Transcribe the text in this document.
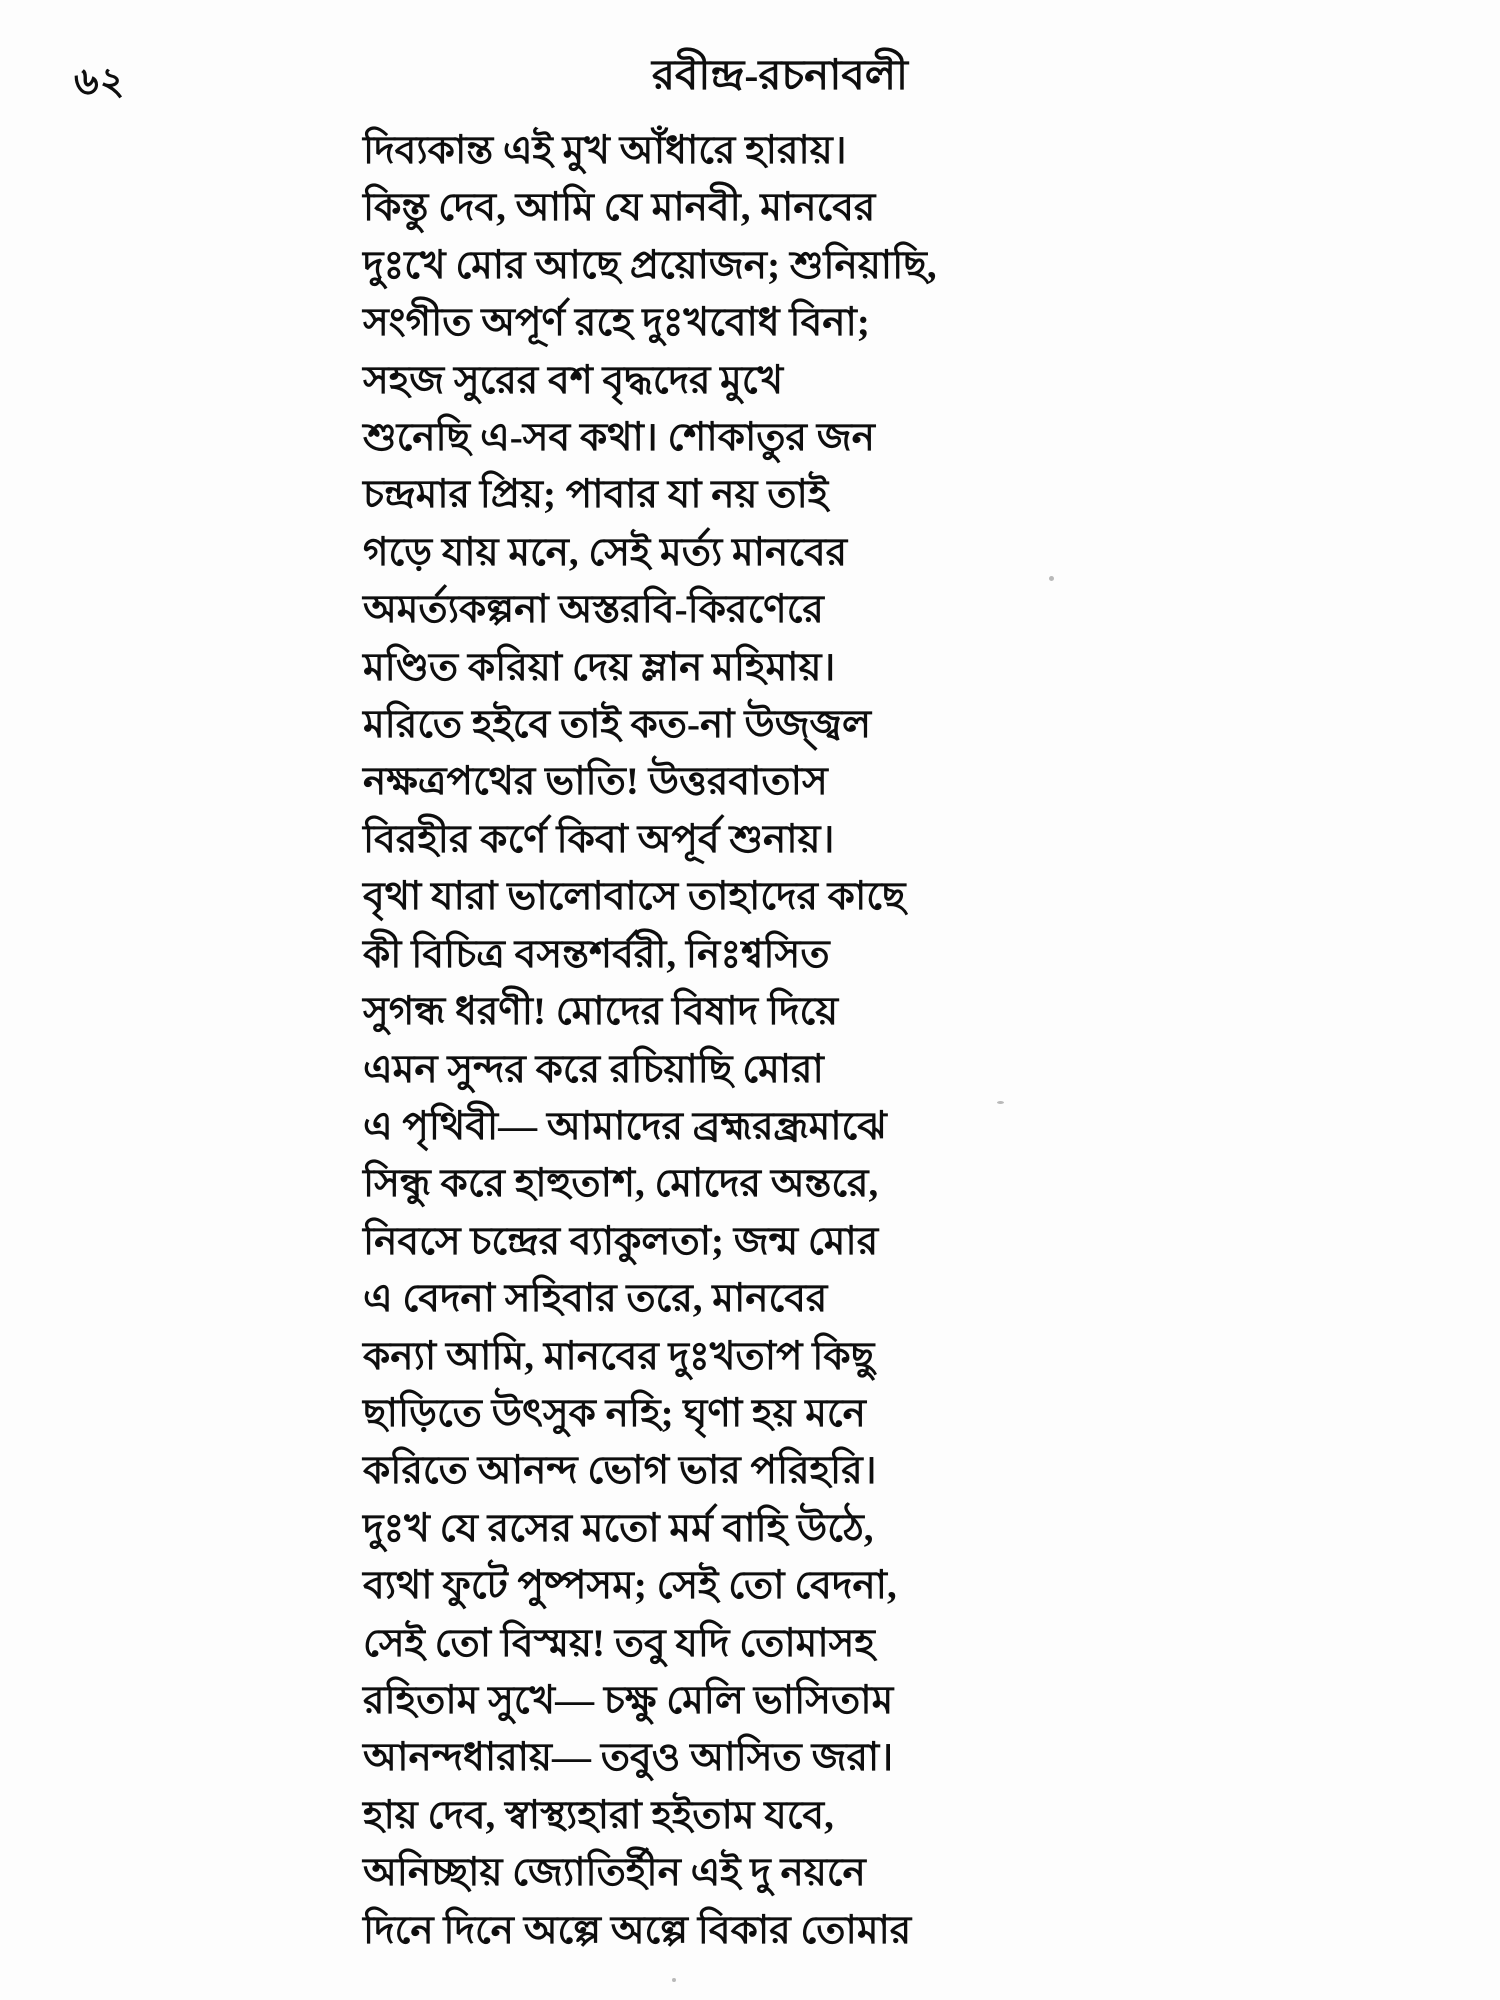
৬২	রবীন্দ্র-রচনাবলী
দিব্যকান্ত এই মুখ আঁধারে হারায়।
কিন্তু দেব, আমি যে মানবী, মানবের
দুঃখে মোর আছে প্রয়োজন; শুনিয়াছি,
সংগীত অপূর্ণ রহে দুঃখবোধ বিনা;
সহজ সুরের বশ বৃদ্ধদের মুখে
শুনেছি এ-সব কথা। শোকাতুর জন
চন্দ্রমার প্রিয়; পাবার যা নয় তাই
গড়ে যায় মনে, সেই মর্ত্য মানবের
অমর্ত্যকল্পনা অস্তরবি-কিরণেরে
মণ্ডিত করিয়া দেয় ম্লান মহিমায়।
মরিতে হইবে তাই কত-না উজ্জ্বল
নক্ষত্রপথের ভাতি! উত্তরবাতাস
বিরহীর কর্ণে কিবা অপূর্ব শুনায়।
বৃথা যারা ভালোবাসে তাহাদের কাছে
কী বিচিত্র বসন্তশর্বরী, নিঃশ্বসিত
সুগন্ধ ধরণী! মোদের বিষাদ দিয়ে
এমন সুন্দর করে রচিয়াছি মোরা
এ পৃথিবী— আমাদের ব্রহ্মরন্ধ্রমাঝে
সিন্ধু করে হাহুতাশ, মোদের অন্তরে,
নিবসে চন্দ্রের ব্যাকুলতা; জন্ম মোর
এ বেদনা সহিবার তরে, মানবের
কন্যা আমি, মানবের দুঃখতাপ কিছু
ছাড়িতে উৎসুক নহি; ঘৃণা হয় মনে
করিতে আনন্দ ভোগ ভার পরিহরি।
দুঃখ যে রসের মতো মর্ম বাহি উঠে,
ব্যথা ফুটে পুষ্পসম; সেই তো বেদনা,
সেই তো বিস্ময়! তবু যদি তোমাসহ
রহিতাম সুখে— চক্ষু মেলি ভাসিতাম
আনন্দধারায়— তবুও আসিত জরা।
হায় দেব, স্বাস্থ্যহারা হইতাম যবে,
অনিচ্ছায় জ্যোতির্হীন এই দু নয়নে
দিনে দিনে অল্পে অল্পে বিকার তোমার
